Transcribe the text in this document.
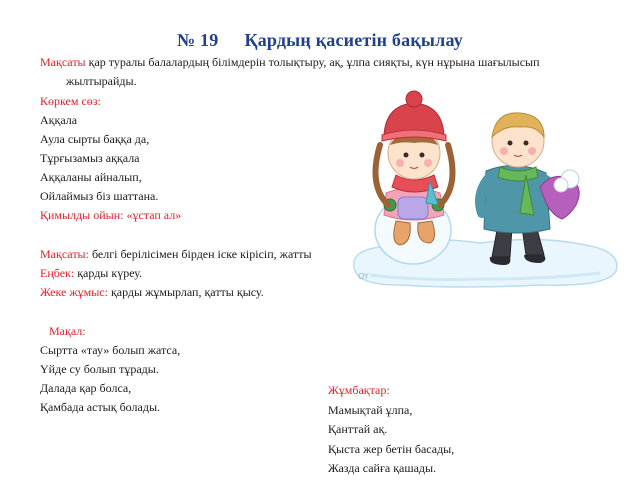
№ 19 Қардың қасиетін бақылау
Мақсаты қар туралы балалардың білімдерін толықтыру, ақ, ұлпа сияқты, күн нұрына шағылысып
жылтырайды.
Көркем сөз:
Аққала
Аула сырты баққа да,
Тұрғызамыз аққала
Аққаланы айналып,
Ойлаймыз біз шаттана.
Қимылды ойын: «ұстап ал»
Мақсаты: белгі берілісімен бірден іске кірісіп, жатты
Еңбек: қарды күреу.
Жеке жұмыс: қарды жұмырлап, қатты қысу.
Мақал:
Сыртта «тау» болып жатса,
Үйде су болып тұрады.
Далада қар болса,
Қамбада астық болады.
Жұмбақтар:
Мамықтай ұлпа,
Қанттай ақ.
Қыста жер бетін басады,
Жазда сайға қашады.
OY
